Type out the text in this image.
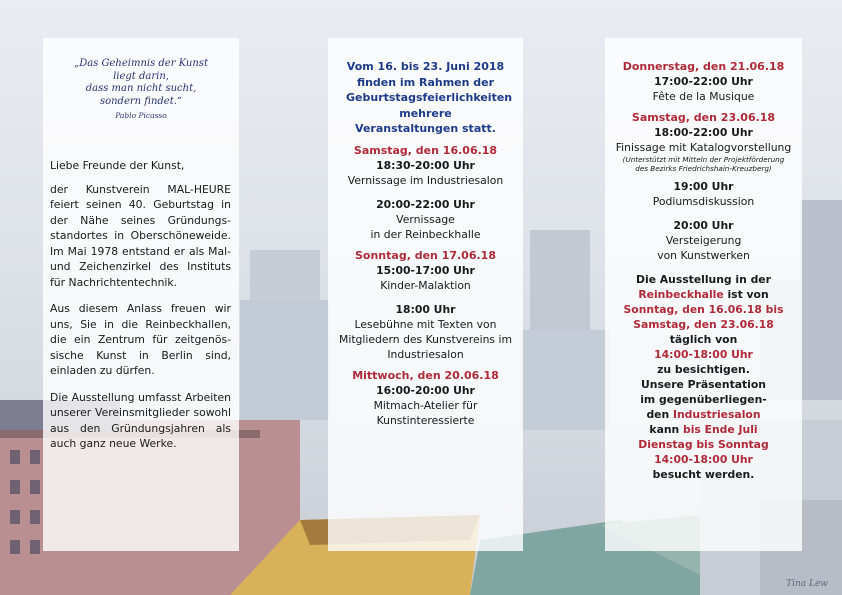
„Das Geheimnis der Kunst
liegt darin,
dass man nicht sucht,
sondern findet.“
Pablo Picasso

Liebe Freunde der Kunst,

der Kunstverein MAL-HEURE feiert seinen 40. Geburtstag in der Nähe seines Gründungsstandortes in Oberschöneweide. Im Mai 1978 entstand er als Mal-und Zeichenzirkel des Instituts für Nachrichtentechnik.

Aus diesem Anlass freuen wir uns, Sie in die Reinbeckhallen, die ein Zentrum für zeitgenössische Kunst in Berlin sind, einladen zu dürfen.

Die Ausstellung umfasst Arbeiten unserer Vereinsmitglieder sowohl aus den Gründungsjahren als auch ganz neue Werke.

Vom 16. bis 23. Juni 2018 finden im Rahmen der Geburtstagsfeierlichkeiten mehrere Veranstaltungen statt.
Samstag, den 16.06.18
18:30-20:00 Uhr
Vernissage im Industriesalon
20:00-22:00 Uhr
Vernissage
in der Reinbeckhalle
Sonntag, den 17.06.18
15:00-17:00 Uhr
Kinder-Malaktion
18:00 Uhr
Lesebühne mit Texten von Mitgliedern des Kunstvereins im Industriesalon
Mittwoch, den 20.06.18
16:00-20:00 Uhr
Mitmach-Atelier für
Kunstinteressierte
Donnerstag, den 21.06.18
17:00-22:00 Uhr
Fête de la Musique
Samstag, den 23.06.18
18:00-22:00 Uhr
Finissage mit Katalogvorstellung
(Unterstützt mit Mitteln der Projektförderung
des Bezirks Friedrichshain-Kreuzberg)
19:00 Uhr
Podiumsdiskussion
20:00 Uhr
Versteigerung
von Kunstwerken
Die Ausstellung in der
Reinbeckhalle ist von
Sonntag, den 16.06.18 bis
Samstag, den 23.06.18
täglich von
14:00-18:00 Uhr
zu besichtigen.
Unsere Präsentation
im gegenüberliegen-
den Industriesalon
kann bis Ende Juli
Dienstag bis Sonntag
14:00-18:00 Uhr
besucht werden.
Tina Lew
